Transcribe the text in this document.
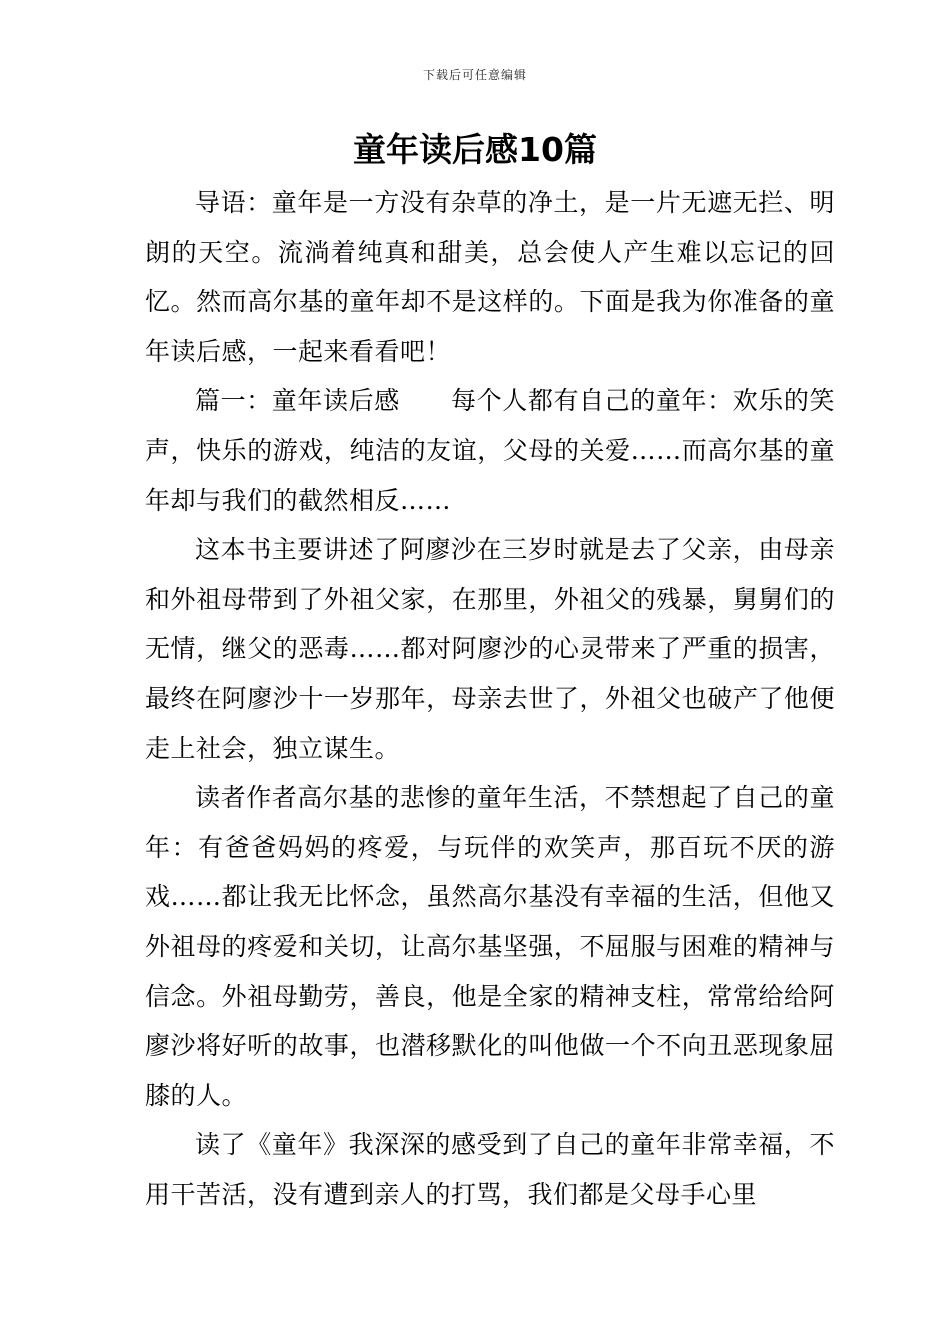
下载后可任意编辑
童年读后感10篇

导语：童年是一方没有杂草的净土，是一片无遮无拦、明朗的天空。流淌着纯真和甜美，总会使人产生难以忘记的回忆。然而高尔基的童年却不是这样的。下面是我为你准备的童年读后感，一起来看看吧！

篇一：童年读后感　　每个人都有自己的童年：欢乐的笑声，快乐的游戏，纯洁的友谊，父母的关爱……而高尔基的童年却与我们的截然相反……

这本书主要讲述了阿廖沙在三岁时就是去了父亲，由母亲和外祖母带到了外祖父家，在那里，外祖父的残暴，舅舅们的无情，继父的恶毒……都对阿廖沙的心灵带来了严重的损害，最终在阿廖沙十一岁那年，母亲去世了，外祖父也破产了他便走上社会，独立谋生。

读者作者高尔基的悲惨的童年生活，不禁想起了自己的童年：有爸爸妈妈的疼爱，与玩伴的欢笑声，那百玩不厌的游戏……都让我无比怀念，虽然高尔基没有幸福的生活，但他又外祖母的疼爱和关切，让高尔基坚强，不屈服与困难的精神与信念。外祖母勤劳，善良，他是全家的精神支柱，常常给给阿廖沙将好听的故事，也潜移默化的叫他做一个不向丑恶现象屈膝的人。

读了《童年》我深深的感受到了自己的童年非常幸福，不用干苦活，没有遭到亲人的打骂，我们都是父母手心里
